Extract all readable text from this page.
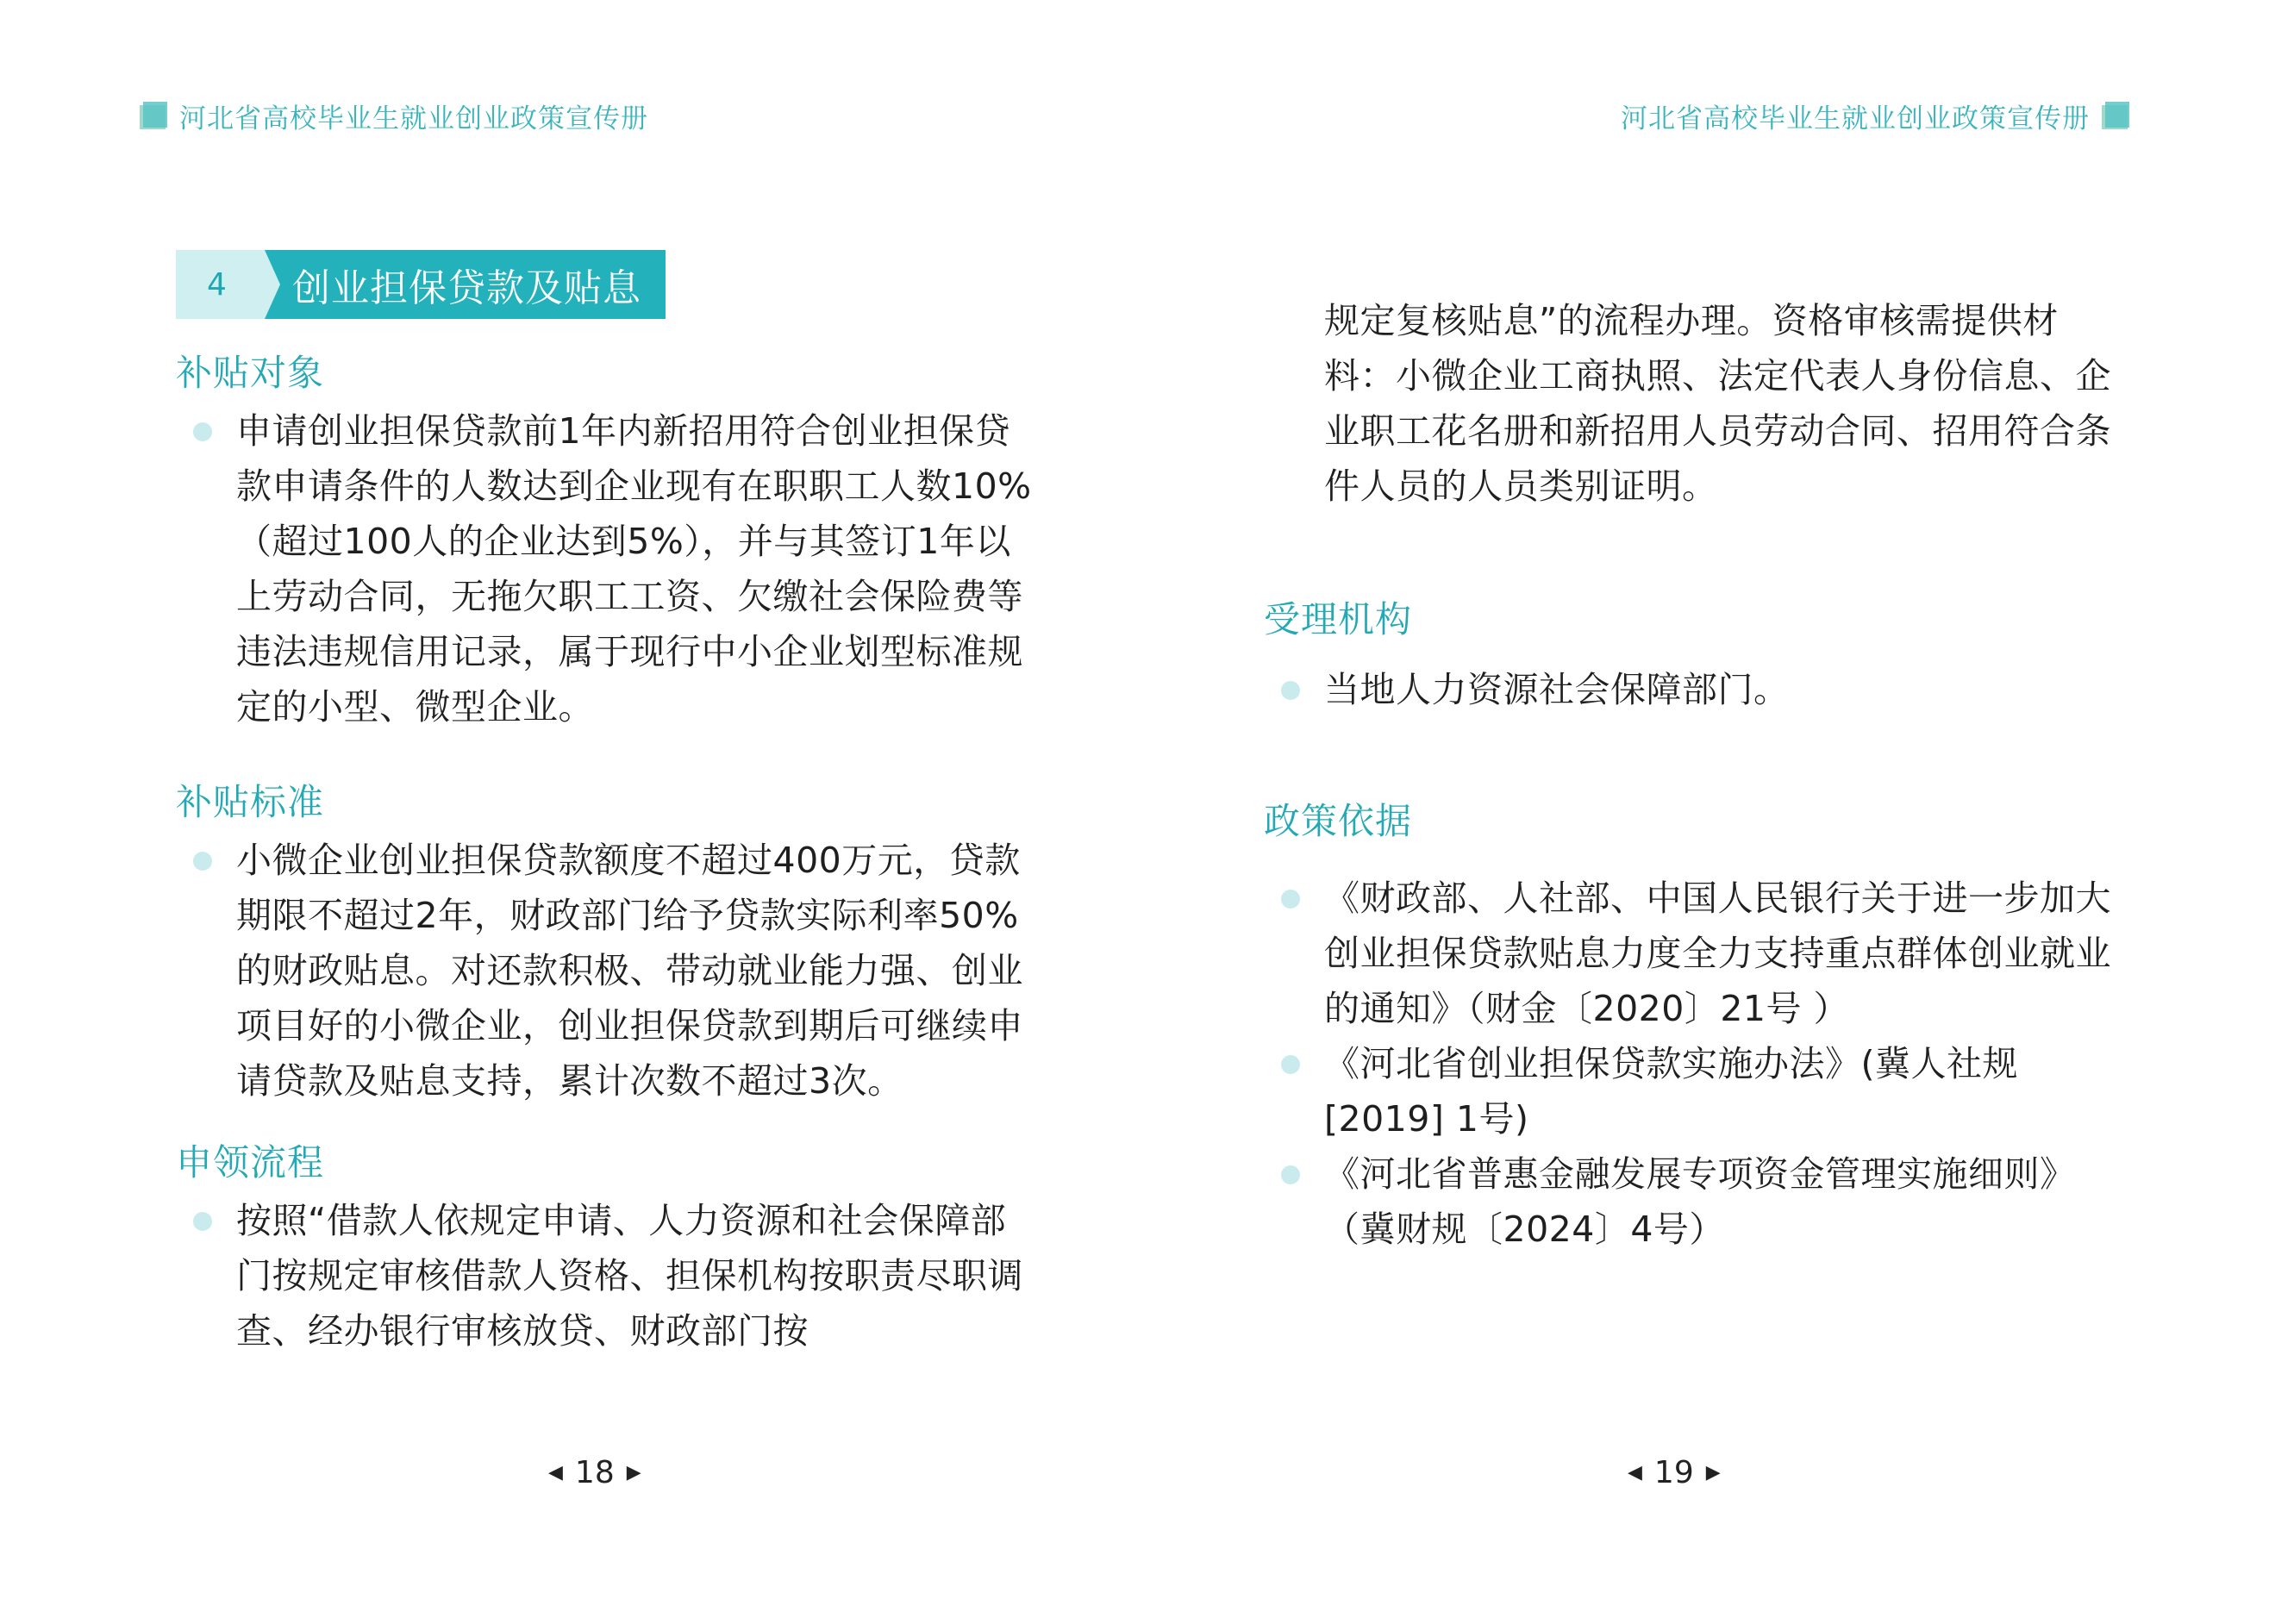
河北省高校毕业生就业创业政策宣传册	河北省高校毕业生就业创业政策宣传册
4	创业担保贷款及贴息
补贴对象
申请创业担保贷款前1年内新招用符合创业担保贷款申请条件的人数达到企业现有在职职工人数10% （超过100人的企业达到5%），并与其签订1年以上劳动合同，无拖欠职工工资、欠缴社会保险费等违法违规信用记录，属于现行中小企业划型标准规定的小型、微型企业。
补贴标准
小微企业创业担保贷款额度不超过400万元，贷款期限不超过2年，财政部门给予贷款实际利率50%的财政贴息。对还款积极、带动就业能力强、创业项目好的小微企业，创业担保贷款到期后可继续申请贷款及贴息支持，累计次数不超过3次。
申领流程
按照“借款人依规定申请、人力资源和社会保障部门按规定审核借款人资格、担保机构按职责尽职调查、经办银行审核放贷、财政部门按
规定复核贴息”的流程办理。资格审核需提供材料：小微企业工商执照、法定代表人身份信息、企业职工花名册和新招用人员劳动合同、招用符合条件人员的人员类别证明。
受理机构
当地人力资源社会保障部门。
政策依据
《财政部、人社部、中国人民银行关于进一步加大创业担保贷款贴息力度全力支持重点群体创业就业的通知》（财金〔2020〕21号 ）
《河北省创业担保贷款实施办法》(冀人社规[2019] 1号)
《河北省普惠金融发展专项资金管理实施细则》（冀财规〔2024〕4号）
◀ 18 ▶	◀ 19 ▶
